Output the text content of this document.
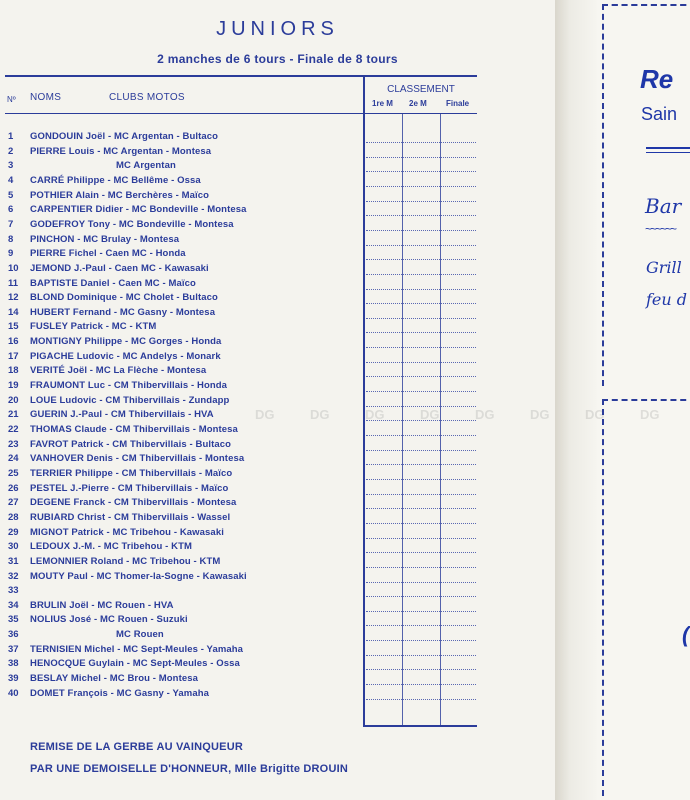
JUNIORS
2 manches de 6 tours - Finale de 8 tours
Nº NOMS	CLUBS MOTOS
CLASSEMENT
1re M 2e M Finale
1	GONDOUIN Joël - MC Argentan - Bultaco
2	PIERRE Louis - MC Argentan - Montesa
3	MC Argentan
4	CARRÉ Philippe - MC Bellême - Ossa
5	POTHIER Alain - MC Berchères - Maïco
6	CARPENTIER Didier - MC Bondeville - Montesa
7	GODEFROY Tony - MC Bondeville - Montesa
8	PINCHON - MC Brulay - Montesa
9	PIERRE Fichel - Caen MC - Honda
10	JEMOND J.-Paul - Caen MC - Kawasaki
11	BAPTISTE Daniel - Caen MC - Maïco
12	BLOND Dominique - MC Cholet - Bultaco
14	HUBERT Fernand - MC Gasny - Montesa
15	FUSLEY Patrick - MC - KTM
16	MONTIGNY Philippe - MC Gorges - Honda
17	PIGACHE Ludovic - MC Andelys - Monark
18	VERITÉ Joël - MC La Flèche - Montesa
19	FRAUMONT Luc - CM Thibervillais - Honda
20	LOUE Ludovic - CM Thibervillais - Zundapp
21	GUERIN J.-Paul - CM Thibervillais - HVA
22	THOMAS Claude - CM Thibervillais - Montesa
23	FAVROT Patrick - CM Thibervillais - Bultaco
24	VANHOVER Denis - CM Thibervillais - Montesa
25	TERRIER Philippe - CM Thibervillais - Maïco
26	PESTEL J.-Pierre - CM Thibervillais - Maïco
27	DEGENE Franck - CM Thibervillais - Montesa
28	RUBIARD Christ - CM Thibervillais - Wassel
29	MIGNOT Patrick - MC Tribehou - Kawasaki
30	LEDOUX J.-M. - MC Tribehou - KTM
31	LEMONNIER Roland - MC Tribehou - KTM
32	MOUTY Paul - MC Thomer-la-Sogne - Kawasaki
33
34	BRULIN Joël - MC Rouen - HVA
35	NOLIUS José - MC Rouen - Suzuki
36	MC Rouen
37	TERNISIEN Michel - MC Sept-Meules - Yamaha
38	HENOCQUE Guylain - MC Sept-Meules - Ossa
39	BESLAY Michel - MC Brou - Montesa
40	DOMET François - MC Gasny - Yamaha
DG	DG	DG	DG	DG	DG	DG	DG
REMISE DE LA GERBE AU VAINQUEUR
PAR UNE DEMOISELLE D'HONNEUR, Mlle Brigitte DROUIN
Re
Sain
Bar
~~~~~~
Grill
feu d
(
